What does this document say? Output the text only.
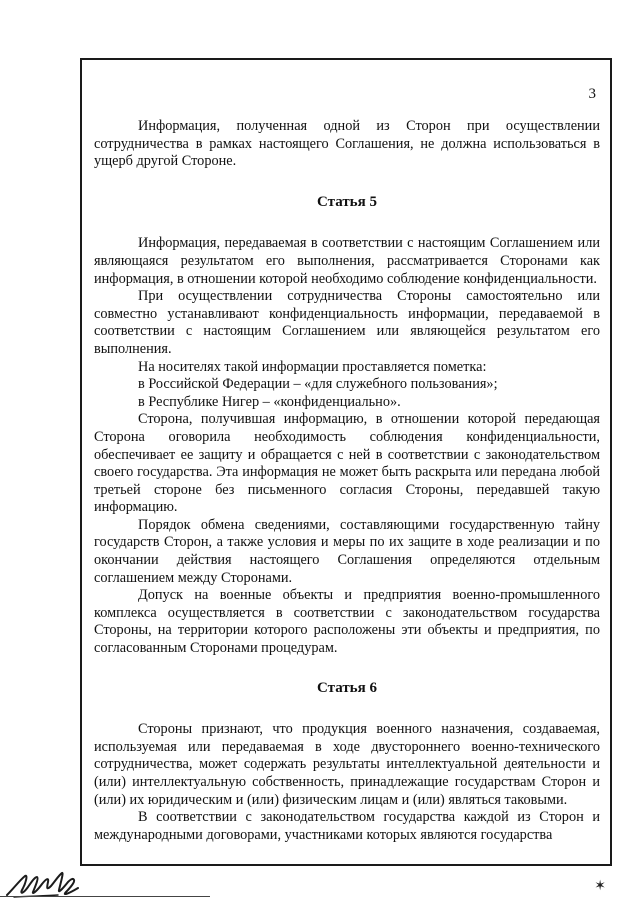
3

Информация, полученная одной из Сторон при осуществлении сотрудничества в рамках настоящего Соглашения, не должна использоваться в ущерб другой Стороне.

Статья 5

Информация, передаваемая в соответствии с настоящим Соглашением или являющаяся результатом его выполнения, рассматривается Сторонами как информация, в отношении которой необходимо соблюдение конфиденциальности.

При осуществлении сотрудничества Стороны самостоятельно или совместно устанавливают конфиденциальность информации, передаваемой в соответствии с настоящим Соглашением или являющейся результатом его выполнения.

На носителях такой информации проставляется пометка:

в Российской Федерации – «для служебного пользования»;

в Республике Нигер – «конфиденциально».

Сторона, получившая информацию, в отношении которой передающая Сторона оговорила необходимость соблюдения конфиденциальности, обеспечивает ее защиту и обращается с ней в соответствии с законодательством своего государства. Эта информация не может быть раскрыта или передана любой третьей стороне без письменного согласия Стороны, передавшей такую информацию.

Порядок обмена сведениями, составляющими государственную тайну государств Сторон, а также условия и меры по их защите в ходе реализации и по окончании действия настоящего Соглашения определяются отдельным соглашением между Сторонами.

Допуск на военные объекты и предприятия военно-промышленного комплекса осуществляется в соответствии с законодательством государства Стороны, на территории которого расположены эти объекты и предприятия, по согласованным Сторонами процедурам.

Статья 6

Стороны признают, что продукция военного назначения, создаваемая, используемая или передаваемая в ходе двустороннего военно-технического сотрудничества, может содержать результаты интеллектуальной деятельности и (или) интеллектуальную собственность, принадлежащие государствам Сторон и (или) их юридическим и (или) физическим лицам и (или) являться таковыми.

В соответствии с законодательством государства каждой из Сторон и международными договорами, участниками которых являются государства

✶
